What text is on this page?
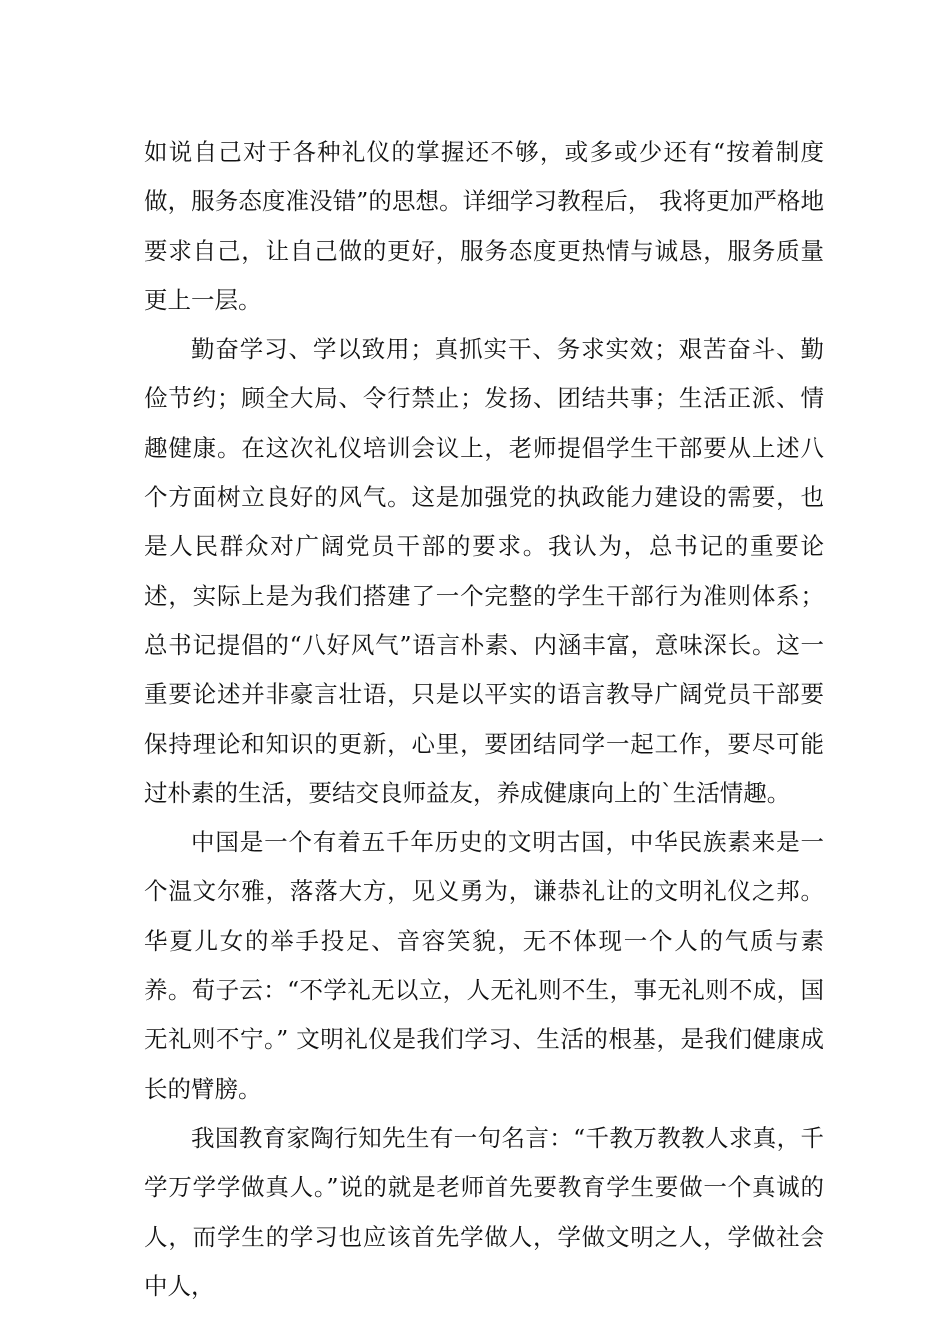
如说自己对于各种礼仪的掌握还不够，或多或少还有“按着制度做，服务态度准没错”的思想。详细学习教程后， 我将更加严格地要求自己，让自己做的更好，服务态度更热情与诚恳，服务质量更上一层。

勤奋学习、学以致用；真抓实干、务求实效；艰苦奋斗、勤俭节约；顾全大局、令行禁止；发扬、团结共事；生活正派、情趣健康。在这次礼仪培训会议上，老师提倡学生干部要从上述八个方面树立良好的风气。这是加强党的执政能力建设的需要，也是人民群众对广阔党员干部的要求。我认为，总书记的重要论述，实际上是为我们搭建了一个完整的学生干部行为准则体系；总书记提倡的“八好风气”语言朴素、内涵丰富，意味深长。这一重要论述并非豪言壮语，只是以平实的语言教导广阔党员干部要保持理论和知识的更新，心里，要团结同学一起工作，要尽可能过朴素的生活，要结交良师益友，养成健康向上的`生活情趣。

中国是一个有着五千年历史的文明古国，中华民族素来是一个温文尔雅，落落大方，见义勇为，谦恭礼让的文明礼仪之邦。华夏儿女的举手投足、音容笑貌，无不体现一个人的气质与素养。荀子云：“不学礼无以立，人无礼则不生，事无礼则不成，国无礼则不宁。” 文明礼仪是我们学习、生活的根基，是我们健康成长的臂膀。

我国教育家陶行知先生有一句名言：“千教万教教人求真，千学万学学做真人。”说的就是老师首先要教育学生要做一个真诚的人，而学生的学习也应该首先学做人，学做文明之人，学做社会中人，
